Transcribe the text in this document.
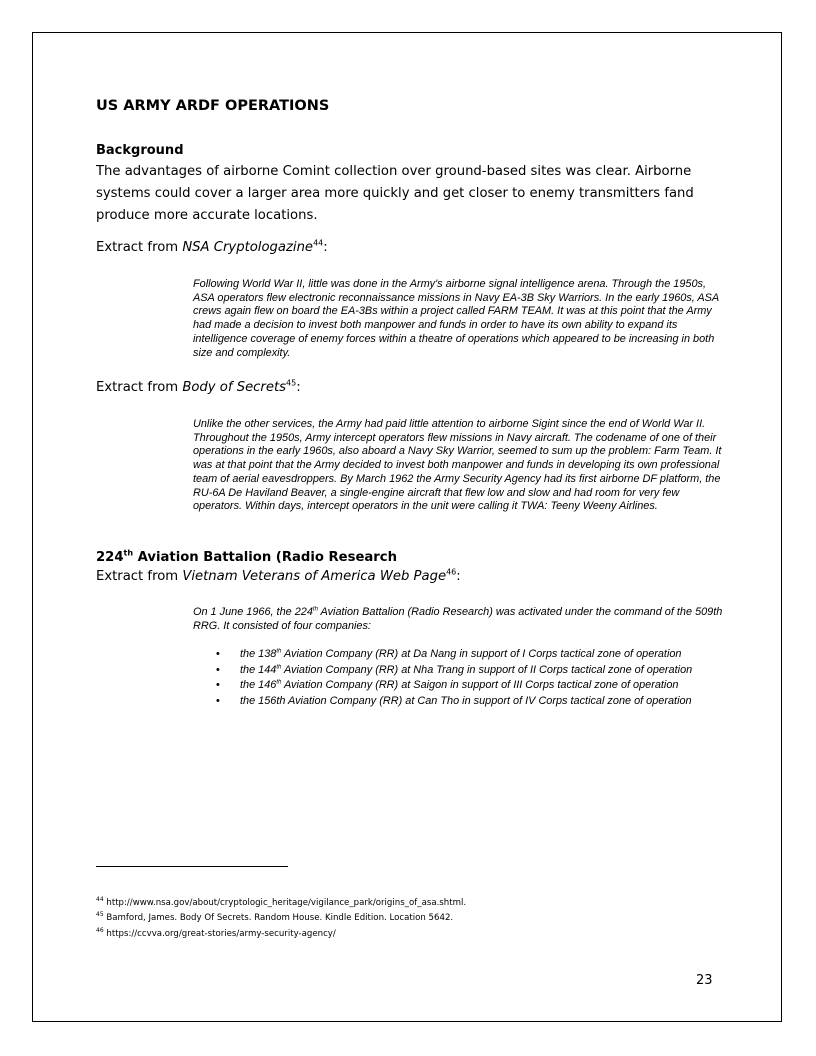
US ARMY ARDF OPERATIONS
Background
The advantages of airborne Comint collection over ground-based sites was clear. Airborne systems could cover a larger area more quickly and get closer to enemy transmitters fand produce more accurate locations.
Extract from NSA Cryptologazine$^{44}$:

Following World War II, little was done in the Army's airborne signal intelligence arena. Through the 1950s, ASA operators flew electronic reconnaissance missions in Navy EA-3B Sky Warriors. In the early 1960s, ASA crews again flew on board the EA-3Bs within a project called FARM TEAM. It was at this point that the Army had made a decision to invest both manpower and funds in order to have its own ability to expand its intelligence coverage of enemy forces within a theatre of operations which appeared to be increasing in both size and complexity.

Extract from Body of Secrets$^{45}$:

Unlike the other services, the Army had paid little attention to airborne Sigint since the end of World War II. Throughout the 1950s, Army intercept operators flew missions in Navy aircraft. The codename of one of their operations in the early 1960s, also aboard a Navy Sky Warrior, seemed to sum up the problem: Farm Team. It was at that point that the Army decided to invest both manpower and funds in developing its own professional team of aerial eavesdroppers. By March 1962 the Army Security Agency had its first airborne DF platform, the RU-6A De Haviland Beaver, a single-engine aircraft that flew low and slow and had room for very few operators. Within days, intercept operators in the unit were calling it TWA: Teeny Weeny Airlines.

224th Aviation Battalion (Radio Research
Extract from Vietnam Veterans of America Web Page$^{46}$:

On 1 June 1966, the 224th Aviation Battalion (Radio Research) was activated under the command of the 509th RRG. It consisted of four companies:

• the 138th Aviation Company (RR) at Da Nang in support of I Corps tactical zone of operation
• the 144th Aviation Company (RR) at Nha Trang in support of II Corps tactical zone of operation
• the 146th Aviation Company (RR) at Saigon in support of III Corps tactical zone of operation
• the 156th Aviation Company (RR) at Can Tho in support of IV Corps tactical zone of operation
$^{44}$ http://www.nsa.gov/about/cryptologic_heritage/vigilance_park/origins_of_asa.shtml.
$^{45}$ Bamford, James. Body Of Secrets. Random House. Kindle Edition. Location 5642.
$^{46}$ https://ccvva.org/great-stories/army-security-agency/
23
